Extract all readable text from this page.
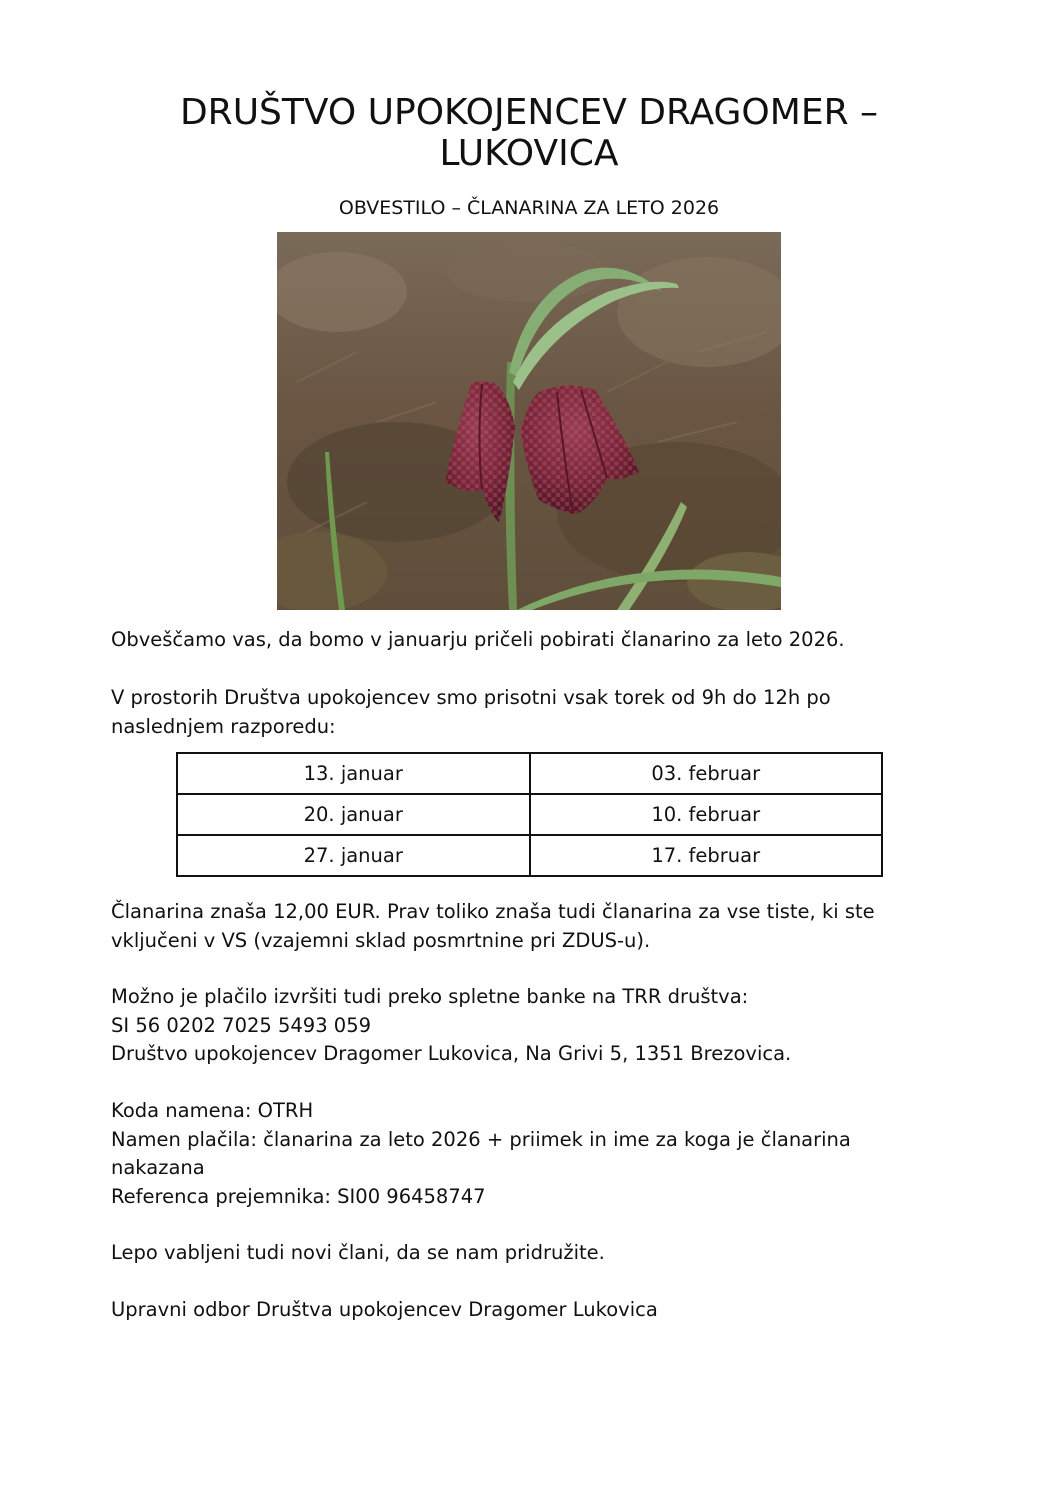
DRUŠTVO UPOKOJENCEV DRAGOMER –
LUKOVICA

OBVESTILO – ČLANARINA ZA LETO 2026

Obveščamo vas, da bomo v januarju pričeli pobirati članarino za leto 2026.

V prostorih Društva upokojencev smo prisotni vsak torek od 9h do 12h po
naslednjem razporedu:

13. januar	03. februar
20. januar	10. februar
27. januar	17. februar

Članarina znaša 12,00 EUR. Prav toliko znaša tudi članarina za vse tiste, ki ste
vključeni v VS (vzajemni sklad posmrtnine pri ZDUS-u).

Možno je plačilo izvršiti tudi preko spletne banke na TRR društva:
SI 56 0202 7025 5493 059
Društvo upokojencev Dragomer Lukovica, Na Grivi 5, 1351 Brezovica.

Koda namena: OTRH
Namen plačila: članarina za leto 2026 + priimek in ime za koga je članarina
nakazana
Referenca prejemnika: SI00 96458747

Lepo vabljeni tudi novi člani, da se nam pridružite.

Upravni odbor Društva upokojencev Dragomer Lukovica
